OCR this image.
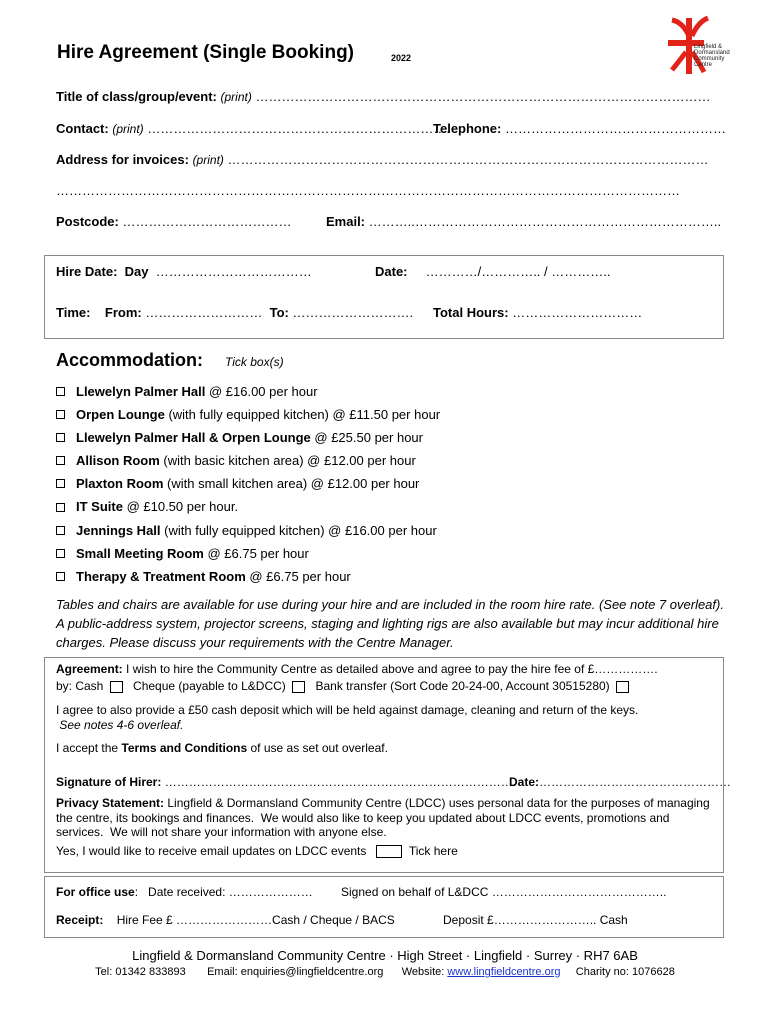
Lingfield &
Dormansland
Community
Centre
Hire Agreement (Single Booking)	2022
Title of class/group/event: (print) ……………………………………………………………………………………………
Contact: (print) …………………………………………………………….
Telephone: ……………………………………………
Address for invoices: (print) …………………………………………………………………………………………………
………………………………………………………………………………………………………………………………
Postcode: …………………………………	Email: ………..……………………………………………………………..
Hire Date: Day ………………………………	Date: …………/………….. / …………..
Time: From: ……………………… To: ………………………. Total Hours: …………………………
Accommodation: Tick box(s)
Llewelyn Palmer Hall @ £16.00 per hour
Orpen Lounge (with fully equipped kitchen) @ £11.50 per hour
Llewelyn Palmer Hall & Orpen Lounge @ £25.50 per hour
Allison Room (with basic kitchen area) @ £12.00 per hour
Plaxton Room (with small kitchen area) @ £12.00 per hour
IT Suite @ £10.50 per hour.
Jennings Hall (with fully equipped kitchen) @ £16.00 per hour
Small Meeting Room @ £6.75 per hour
Therapy & Treatment Room @ £6.75 per hour
Tables and chairs are available for use during your hire and are included in the room hire rate. (See note 7 overleaf). A public-address system, projector screens, staging and lighting rigs are also available but may incur additional hire charges. Please discuss your requirements with the Centre Manager.
Agreement: I wish to hire the Community Centre as detailed above and agree to pay the hire fee of £…………….
by: Cash Cheque (payable to L&DCC) Bank transfer (Sort Code 20-24-00, Account 30515280)
I agree to also provide a £50 cash deposit which will be held against damage, cleaning and return of the keys. See notes 4-6 overleaf.
I accept the Terms and Conditions of use as set out overleaf.
Signature of Hirer: …………………………………………………………………………….
Date:…………………………………………
Privacy Statement: Lingfield & Dormansland Community Centre (LDCC) uses personal data for the purposes of managing the centre, its bookings and finances.  We would also like to keep you updated about LDCC events, promotions and services.  We will not share your information with anyone else.
Yes, I would like to receive email updates on LDCC events	Tick here
For office use: Date received: ………………… Signed on behalf of L&DCC ……………………………………..
Receipt: Hire Fee £ ……………………Cash / Cheque / BACS	Deposit £…………………….. Cash
Lingfield & Dormansland Community Centre · High Street · Lingfield · Surrey · RH7 6AB
Tel: 01342 833893 Email: enquiries@lingfieldcentre.org Website: www.lingfieldcentre.org Charity no: 1076628
